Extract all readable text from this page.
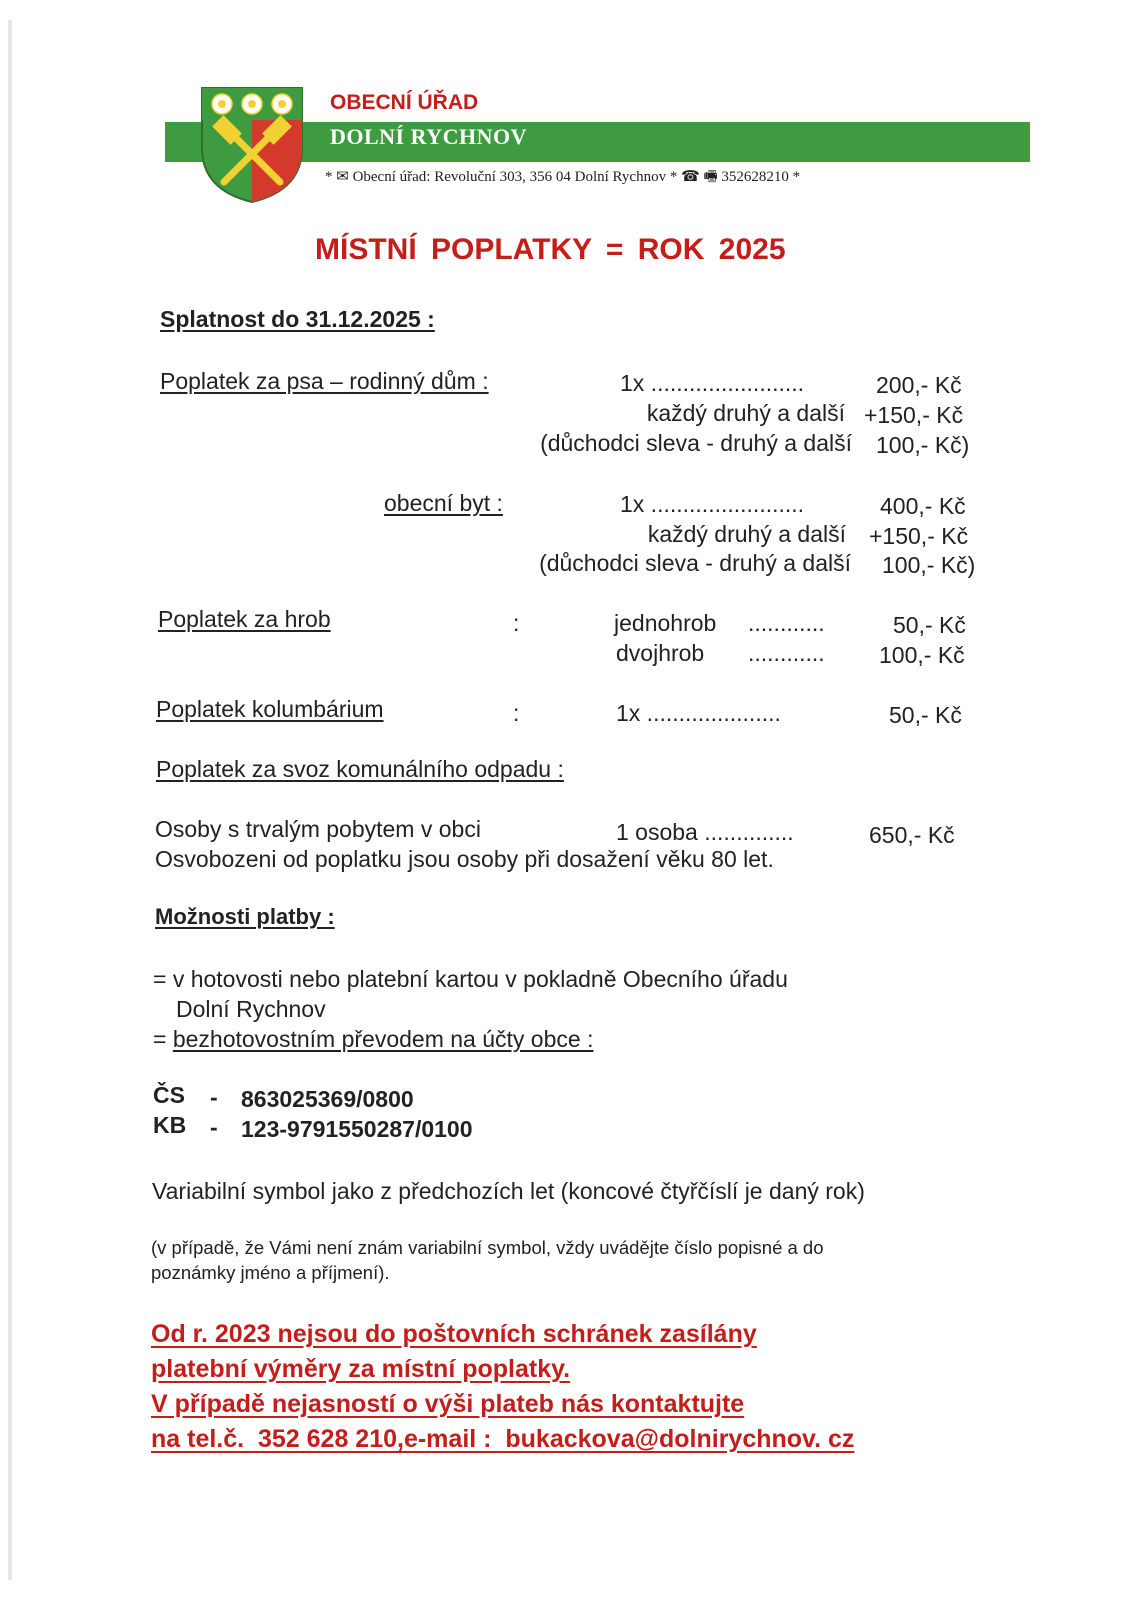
OBECNÍ ÚŘAD
DOLNÍ RYCHNOV
* ✉ Obecní úřad: Revoluční 303, 356 04 Dolní Rychnov * ☎ 🖷 352628210 *
MÍSTNÍ POPLATKY = ROK 2025
Splatnost do 31.12.2025 :
Poplatek za psa – rodinný dům :	1x ........................	200,- Kč
každý druhý a další +150,- Kč
(důchodci sleva - druhý a další 100,- Kč)
obecní byt :	1x ........................	400,- Kč
každý druhý a další +150,- Kč
(důchodci sleva - druhý a další 100,- Kč)
Poplatek za hrob	:	jednohrob ............	50,- Kč
dvojhrob ............ 100,- Kč
Poplatek kolumbárium	:	1x .....................	50,- Kč
Poplatek za svoz komunálního odpadu :
Osoby s trvalým pobytem v obci	1 osoba ..............	650,- Kč
Osvobozeni od poplatku jsou osoby při dosažení věku 80 let.
Možnosti platby :
= v hotovosti nebo platební kartou v pokladně Obecního úřadu
Dolní Rychnov
= bezhotovostním převodem na účty obce :
ČS - 863025369/0800
KB - 123-9791550287/0100
Variabilní symbol jako z předchozích let (koncové čtyřčíslí je daný rok)
(v případě, že Vámi není znám variabilní symbol, vždy uvádějte číslo popisné a do
poznámky jméno a příjmení).
Od r. 2023 nejsou do poštovních schránek zasílány
platební výměry za místní poplatky.
V případě nejasností o výši plateb nás kontaktujte
na tel.č.  352 628 210,e-mail :  bukackova@dolnirychnov. cz
